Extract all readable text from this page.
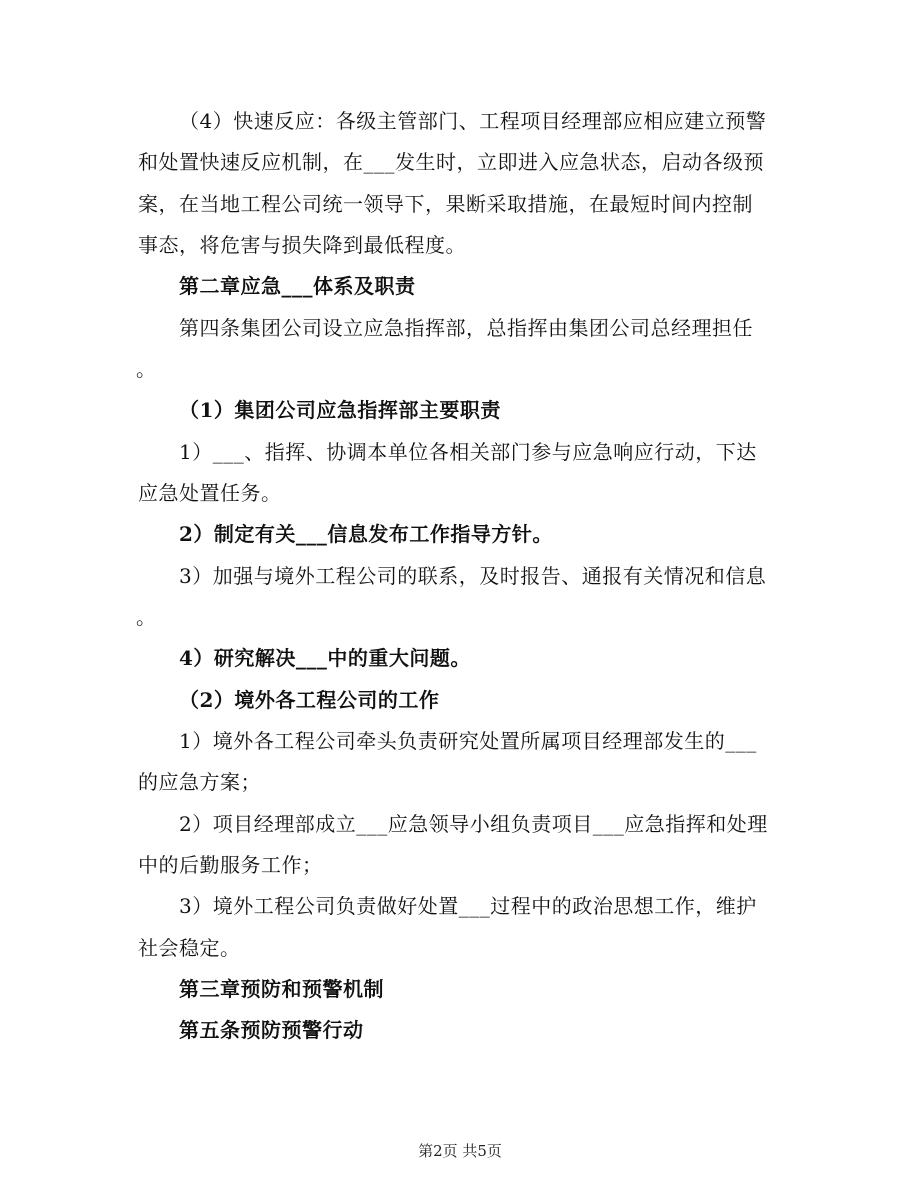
（4）快速反应：各级主管部门、工程项目经理部应相应建立预警
和处置快速反应机制，在___发生时，立即进入应急状态，启动各级预
案，在当地工程公司统一领导下，果断采取措施，在最短时间内控制
事态，将危害与损失降到最低程度。
第二章应急___体系及职责
第四条集团公司设立应急指挥部，总指挥由集团公司总经理担任
。
（1）集团公司应急指挥部主要职责
1）___、指挥、协调本单位各相关部门参与应急响应行动，下达
应急处置任务。
2）制定有关___信息发布工作指导方针。
3）加强与境外工程公司的联系，及时报告、通报有关情况和信息
。
4）研究解决___中的重大问题。
（2）境外各工程公司的工作
1）境外各工程公司牵头负责研究处置所属项目经理部发生的___
的应急方案；
2）项目经理部成立___应急领导小组负责项目___应急指挥和处理
中的后勤服务工作；
3）境外工程公司负责做好处置___过程中的政治思想工作，维护
社会稳定。
第三章预防和预警机制
第五条预防预警行动
第2页 共5页
